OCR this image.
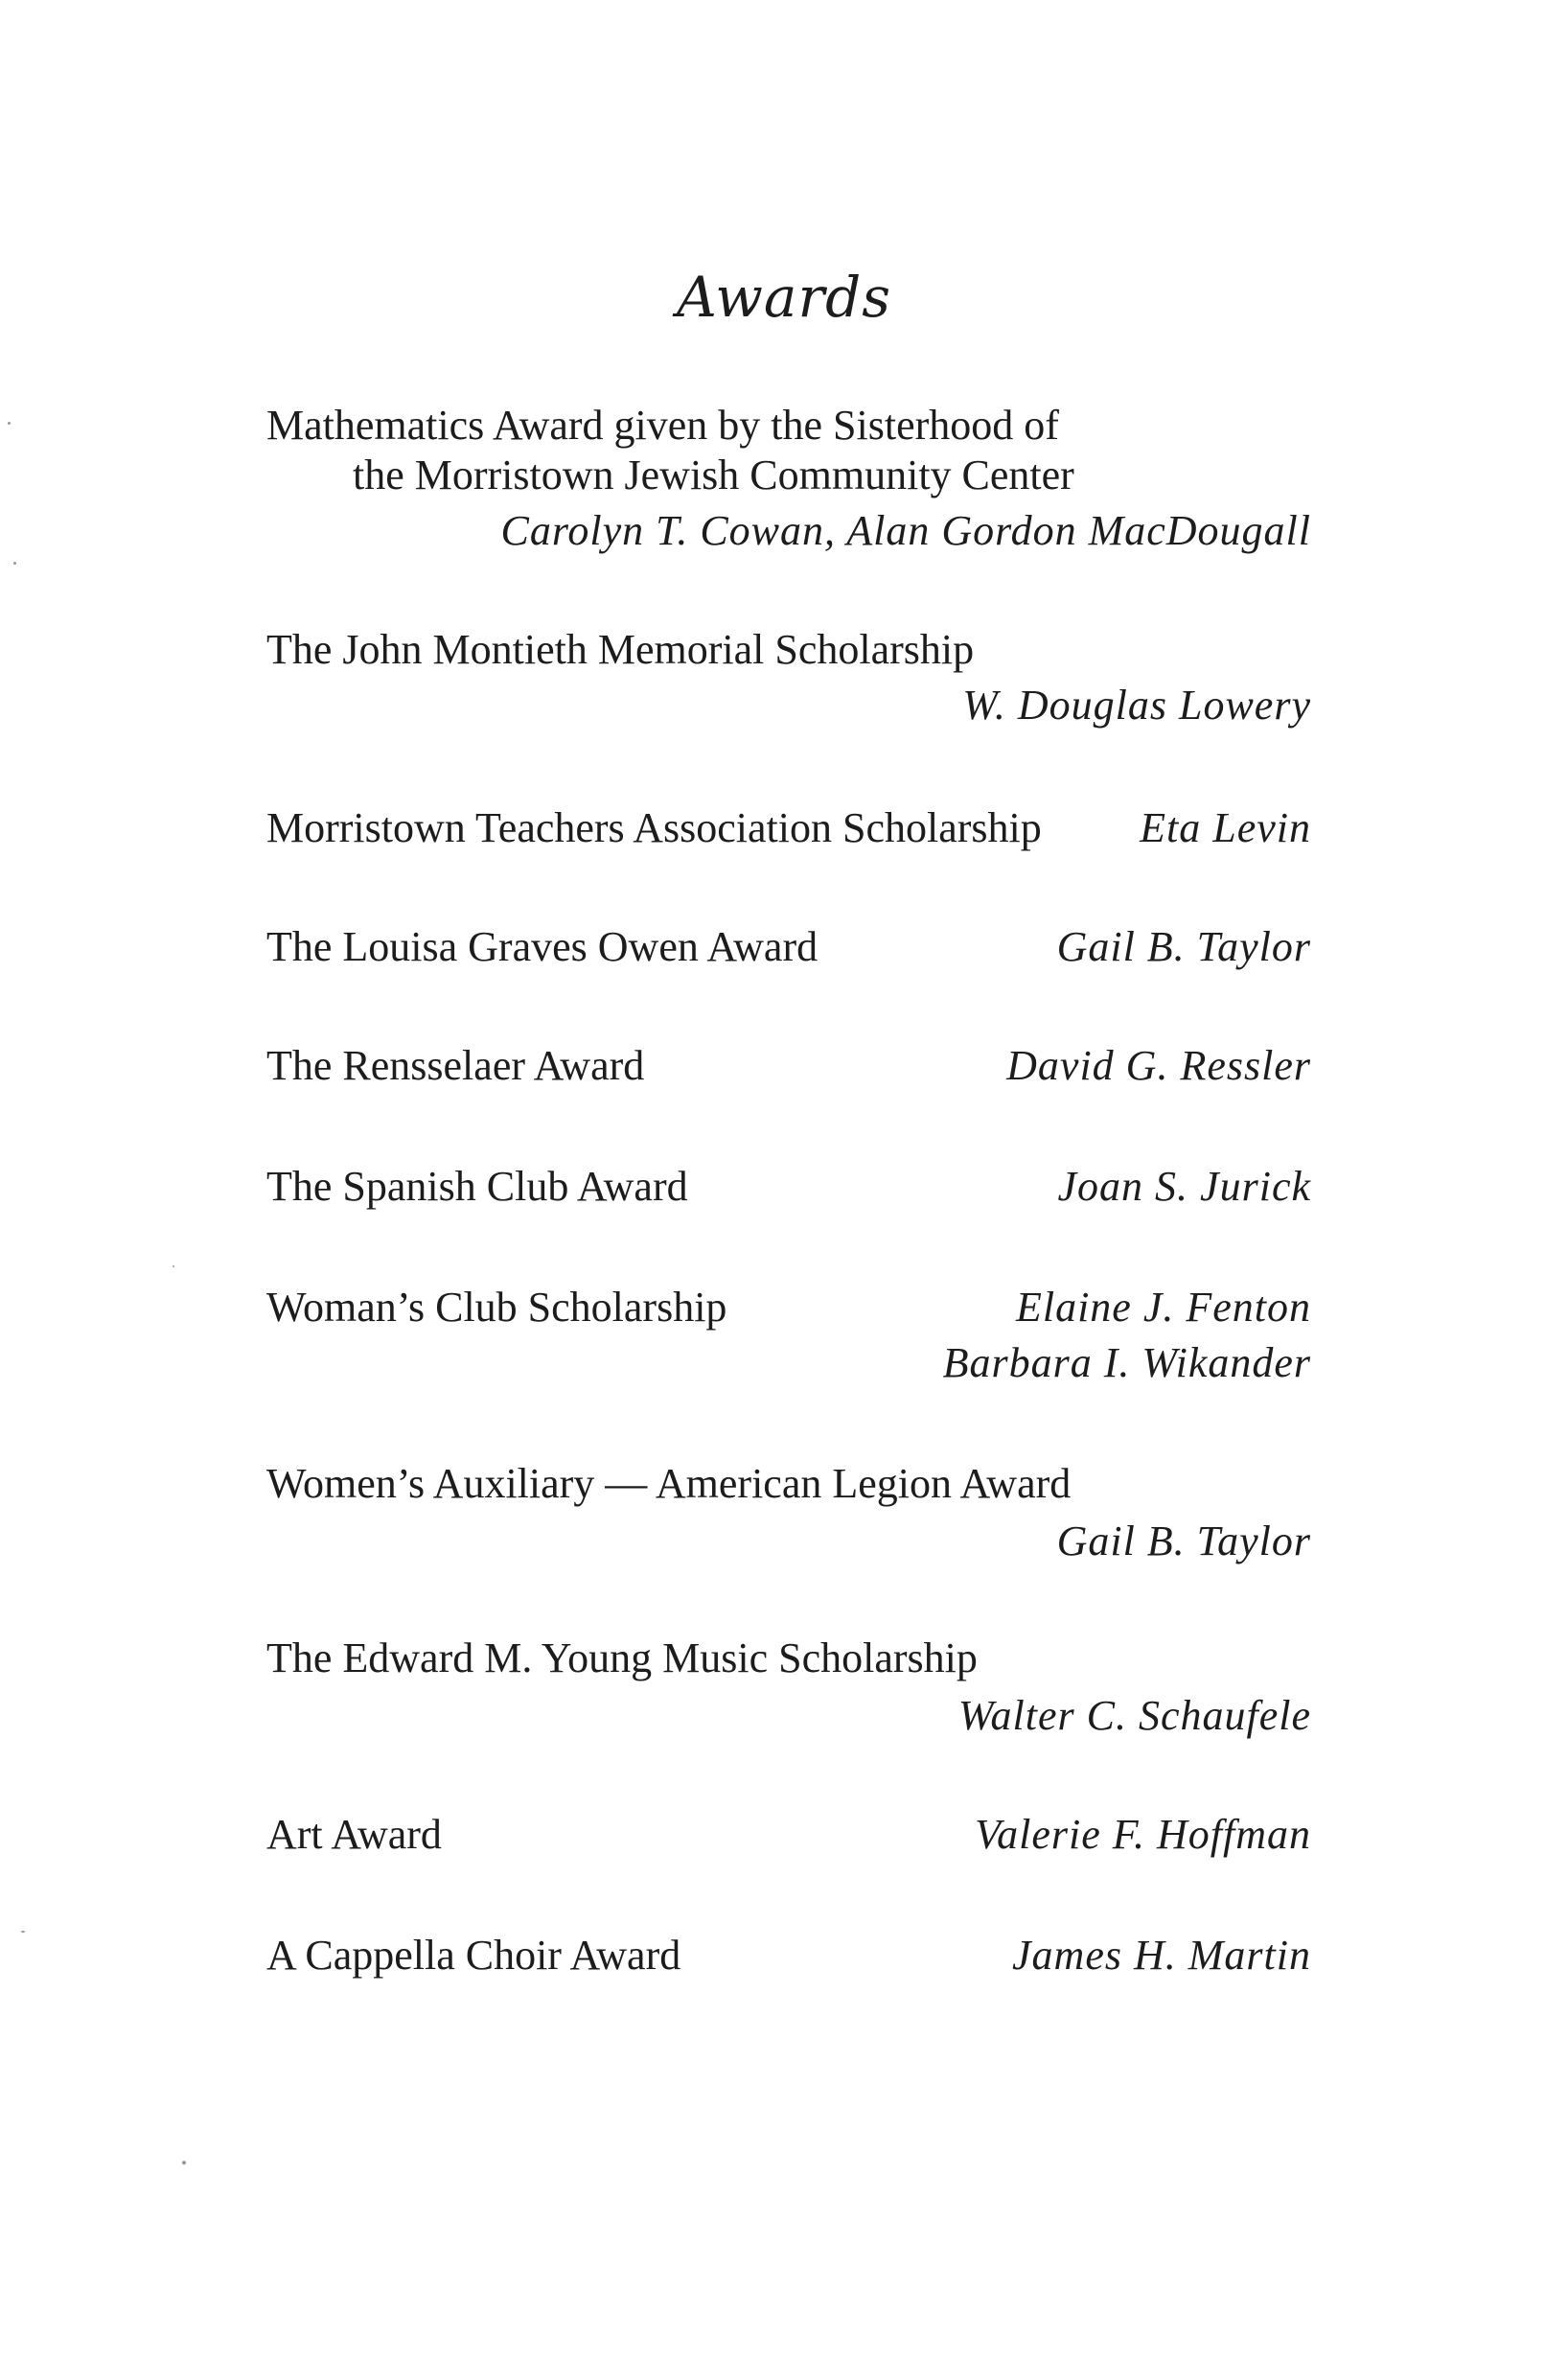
Awards
Mathematics Award given by the Sisterhood of
the Morristown Jewish Community Center
Carolyn T. Cowan, Alan Gordon MacDougall
The John Montieth Memorial Scholarship
W. Douglas Lowery
Morristown Teachers Association Scholarship Eta Levin
The Louisa Graves Owen Award	Gail B. Taylor
The Rensselaer Award	David G. Ressler
The Spanish Club Award	Joan S. Jurick
Woman’s Club Scholarship	Elaine J. Fenton
Barbara I. Wikander
Women’s Auxiliary — American Legion Award
Gail B. Taylor
The Edward M. Young Music Scholarship
Walter C. Schaufele
Art Award	Valerie F. Hoffman
A Cappella Choir Award	James H. Martin
